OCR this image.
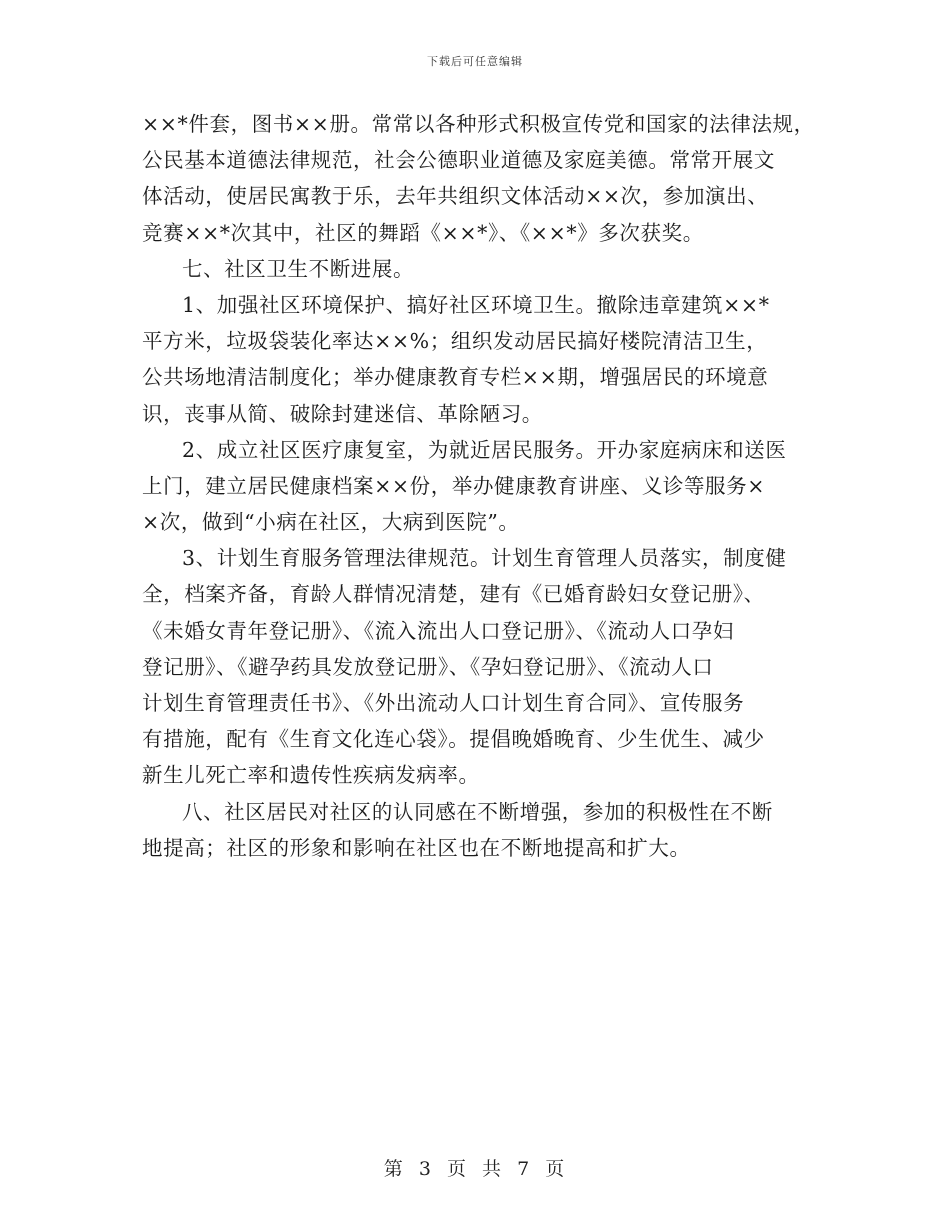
下载后可任意编辑
××*件套，图书××册。常常以各种形式积极宣传党和国家的法律法规，
公民基本道德法律规范，社会公德职业道德及家庭美德。常常开展文
体活动，使居民寓教于乐，去年共组织文体活动××次，参加演出、
竞赛××*次其中，社区的舞蹈《××*》、《××*》多次获奖。
七、社区卫生不断进展。
1、加强社区环境保护、搞好社区环境卫生。撤除违章建筑××*
平方米，垃圾袋装化率达××%；组织发动居民搞好楼院清洁卫生，
公共场地清洁制度化；举办健康教育专栏××期，增强居民的环境意
识，丧事从简、破除封建迷信、革除陋习。
2、成立社区医疗康复室，为就近居民服务。开办家庭病床和送医
上门，建立居民健康档案××份，举办健康教育讲座、义诊等服务×
×次，做到“小病在社区，大病到医院”。
3、计划生育服务管理法律规范。计划生育管理人员落实，制度健
全，档案齐备，育龄人群情况清楚，建有《已婚育龄妇女登记册》、
《未婚女青年登记册》、《流入流出人口登记册》、《流动人口孕妇
登记册》、《避孕药具发放登记册》、《孕妇登记册》、《流动人口
计划生育管理责任书》、《外出流动人口计划生育合同》、宣传服务
有措施，配有《生育文化连心袋》。提倡晚婚晚育、少生优生、减少
新生儿死亡率和遗传性疾病发病率。
八、社区居民对社区的认同感在不断增强，参加的积极性在不断
地提高；社区的形象和影响在社区也在不断地提高和扩大。
第 3 页 共 7 页
